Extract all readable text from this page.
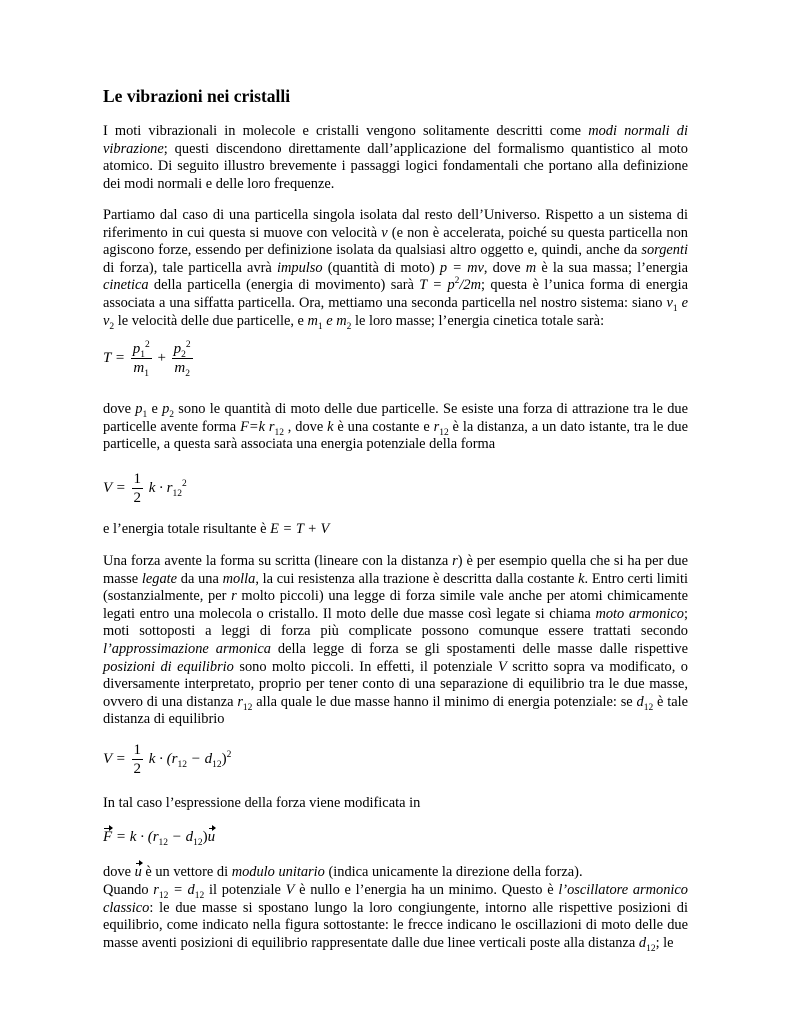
Le vibrazioni nei cristalli

I moti vibrazionali in molecole e cristalli vengono solitamente descritti come modi normali di vibrazione; questi discendono direttamente dall’applicazione del formalismo quantistico al moto atomico. Di seguito illustro brevemente i passaggi logici fondamentali che portano alla definizione dei modi normali e delle loro frequenze.

Partiamo dal caso di una particella singola isolata dal resto dell’Universo. Rispetto a un sistema di riferimento in cui questa si muove con velocità v (e non è accelerata, poiché su questa particella non agiscono forze, essendo per definizione isolata da qualsiasi altro oggetto e, quindi, anche da sorgenti di forza), tale particella avrà impulso (quantità di moto) p = mv, dove m è la sua massa; l’energia cinetica della particella (energia di movimento) sarà $T = p^2/2m$; questa è l’unica forma di energia associata a una siffatta particella. Ora, mettiamo una seconda particella nel nostro sistema: siano $v_1$ e $v_2$ le velocità delle due particelle, e $m_1$ e $m_2$ le loro masse; l’energia cinetica totale sarà:

$T = \frac{p_1^2}{m_1} + \frac{p_2^2}{m_2}$

dove $p_1$ e $p_2$ sono le quantità di moto delle due particelle. Se esiste una forza di attrazione tra le due particelle avente forma F=k $r_{12}$ , dove k è una costante e $r_{12}$ è la distanza, a un dato istante, tra le due particelle, a questa sarà associata una energia potenziale della forma

$V = \frac{1}{2}$ $k \cdot r_{12}^2$

e l’energia totale risultante è E = T + V

Una forza avente la forma su scritta (lineare con la distanza r) è per esempio quella che si ha per due masse legate da una molla, la cui resistenza alla trazione è descritta dalla costante k. Entro certi limiti (sostanzialmente, per r molto piccoli) una legge di forza simile vale anche per atomi chimicamente legati entro una molecola o cristallo. Il moto delle due masse così legate si chiama moto armonico; moti sottoposti a leggi di forza più complicate possono comunque essere trattati secondo l’approssimazione armonica della legge di forza se gli spostamenti delle masse dalle rispettive posizioni di equilibrio sono molto piccoli. In effetti, il potenziale V scritto sopra va modificato, o diversamente interpretato, proprio per tener conto di una separazione di equilibrio tra le due masse, ovvero di una distanza $r_{12}$ alla quale le due masse hanno il minimo di energia potenziale: se $d_{12}$ è tale distanza di equilibrio

$V = \frac{1}{2}$ $k \cdot (r_{12} - d_{12})^2$

In tal caso l’espressione della forza viene modificata in

$F = k \cdot (r_{12} - d_{12})u$

dove u è un vettore di modulo unitario (indica unicamente la direzione della forza).

Quando $r_{12} = d_{12}$ il potenziale V è nullo e l’energia ha un minimo. Questo è l’oscillatore armonico classico: le due masse si spostano lungo la loro congiungente, intorno alle rispettive posizioni di equilibrio, come indicato nella figura sottostante: le frecce indicano le oscillazioni di moto delle due masse aventi posizioni di equilibrio rappresentate dalle due linee verticali poste alla distanza $d_{12}$; le
